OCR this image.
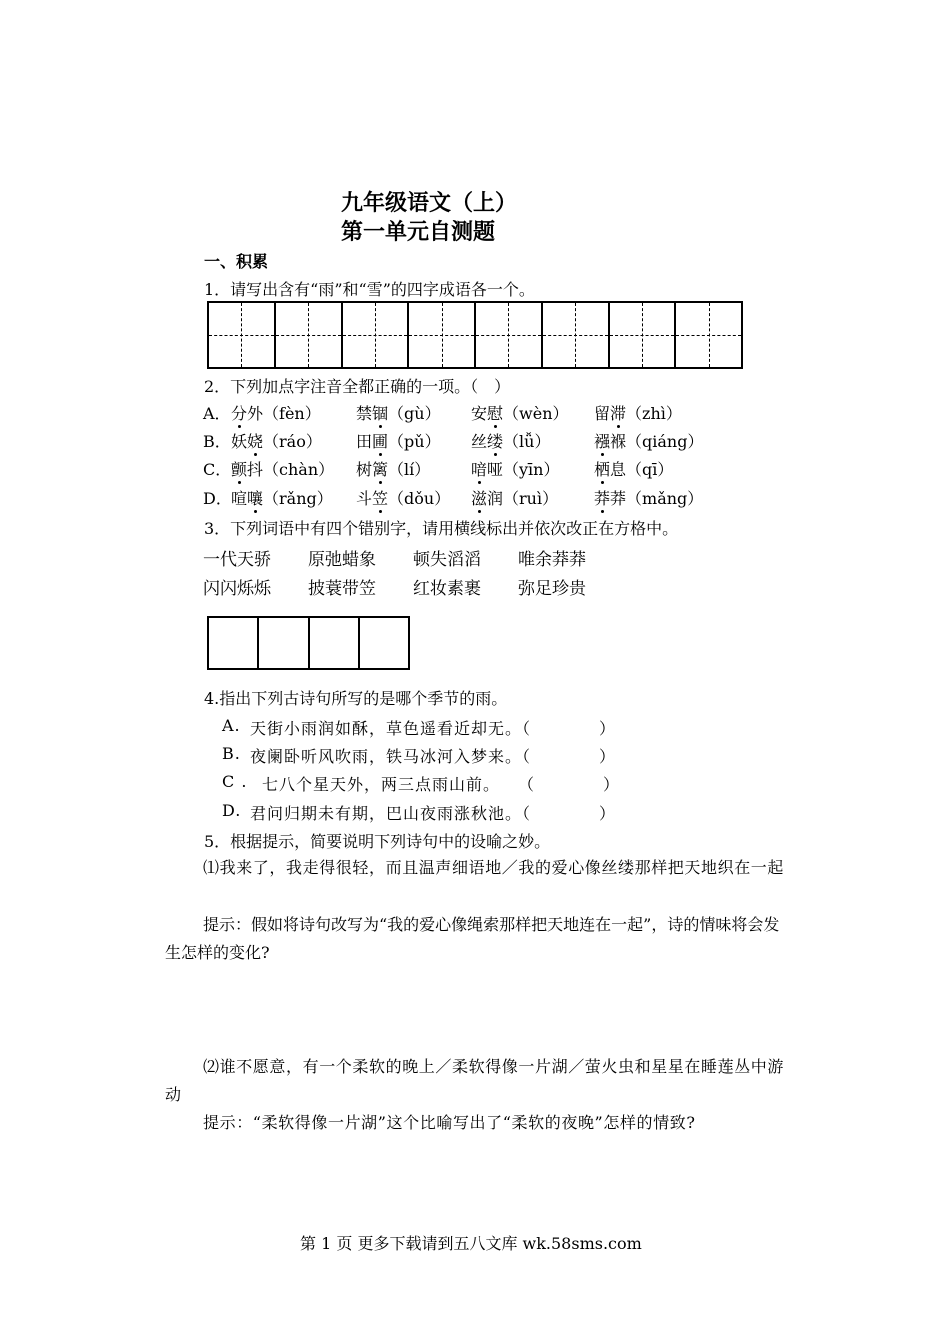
九年级语文（上）
第一单元自测题
一、积累
1．请写出含有“雨”和“雪”的四字成语各一个。
2．下列加点字注音全都正确的一项。（　）
A． 分外（fèn） 禁锢（gù） 安慰（wèn） 留滞（zhì）
B． 妖娆（ráo） 田圃（pǔ） 丝缕（lǚ）	襁褓（qiáng）
C． 颤抖（chàn） 树篱（lí）	喑哑（yīn） 栖息（qī）
D． 喧嚷（rǎng） 斗笠（dǒu） 滋润（ruì） 莽莽（mǎng）
3．下列词语中有四个错别字，请用横线标出并依次改正在方格中。
一代天骄 原弛蜡象 顿失滔滔 唯余莽莽
闪闪烁烁 披蓑带笠 红妆素裹 弥足珍贵
4.指出下列古诗句所写的是哪个季节的雨。
A. 天街小雨润如酥，草色遥看近却无。（　　　　）
B. 夜阑卧听风吹雨，铁马冰河入梦来。（　　　　）
C . 七八个星天外，两三点雨山前。　　（　　　　）
D. 君问归期未有期，巴山夜雨涨秋池。（　　　　）
5．根据提示，简要说明下列诗句中的设喻之妙。
⑴我来了，我走得很轻，而且温声细语地／我的爱心像丝缕那样把天地织在一起
提示：假如将诗句改写为“我的爱心像绳索那样把天地连在一起”，诗的情味将会发生怎样的变化?
⑵谁不愿意，有一个柔软的晚上／柔软得像一片湖／萤火虫和星星在睡莲丛中游动
提示：“柔软得像一片湖”这个比喻写出了“柔软的夜晚”怎样的情致?
第 1 页 更多下载请到五八文库 wk.58sms.com
